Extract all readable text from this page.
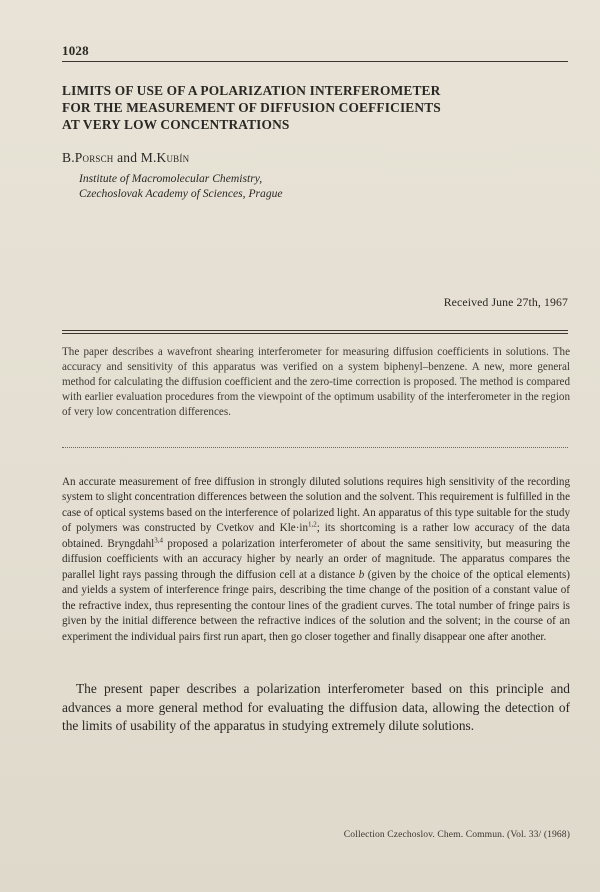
1028
LIMITS OF USE OF A POLARIZATION INTERFEROMETER
FOR THE MEASUREMENT OF DIFFUSION COEFFICIENTS
AT VERY LOW CONCENTRATIONS
B.Porsch and M.Kubín
Institute of Macromolecular Chemistry,
Czechoslovak Academy of Sciences, Prague
Received June 27th, 1967

The paper describes a wavefront shearing interferometer for measuring diffusion coefficients in solutions. The accuracy and sensitivity of this apparatus was verified on a system biphenyl–benzene. A new, more general method for calculating the diffusion coefficient and the zero-time correction is proposed. The method is compared with earlier evaluation procedures from the viewpoint of the optimum usability of the interferometer in the region of very low concentration differences.

An accurate measurement of free diffusion in strongly diluted solutions requires high sensitivity of the recording system to slight concentration differences between the solution and the solvent. This requirement is fulfilled in the case of optical systems based on the interference of polarized light. An apparatus of this type suitable for the study of polymers was constructed by Cvetkov and Kle·in$^{1,2}$; its shortcoming is a rather low accuracy of the data obtained. Bryngdahl$^{3,4}$ proposed a polarization interferometer of about the same sensitivity, but measuring the diffusion coefficients with an accuracy higher by nearly an order of magnitude. The apparatus compares the parallel light rays passing through the diffusion cell at a distance b (given by the choice of the optical elements) and yields a system of interference fringe pairs, describing the time change of the position of a constant value of the refractive index, thus representing the contour lines of the gradient curves. The total number of fringe pairs is given by the initial difference between the refractive indices of the solution and the solvent; in the course of an experiment the individual pairs first run apart, then go closer together and finally disappear one after another.

The present paper describes a polarization interferometer based on this principle and advances a more general method for evaluating the diffusion data, allowing the detection of the limits of usability of the apparatus in studying extremely dilute solutions.

Collection Czechoslov. Chem. Commun. (Vol. 33/ (1968)
